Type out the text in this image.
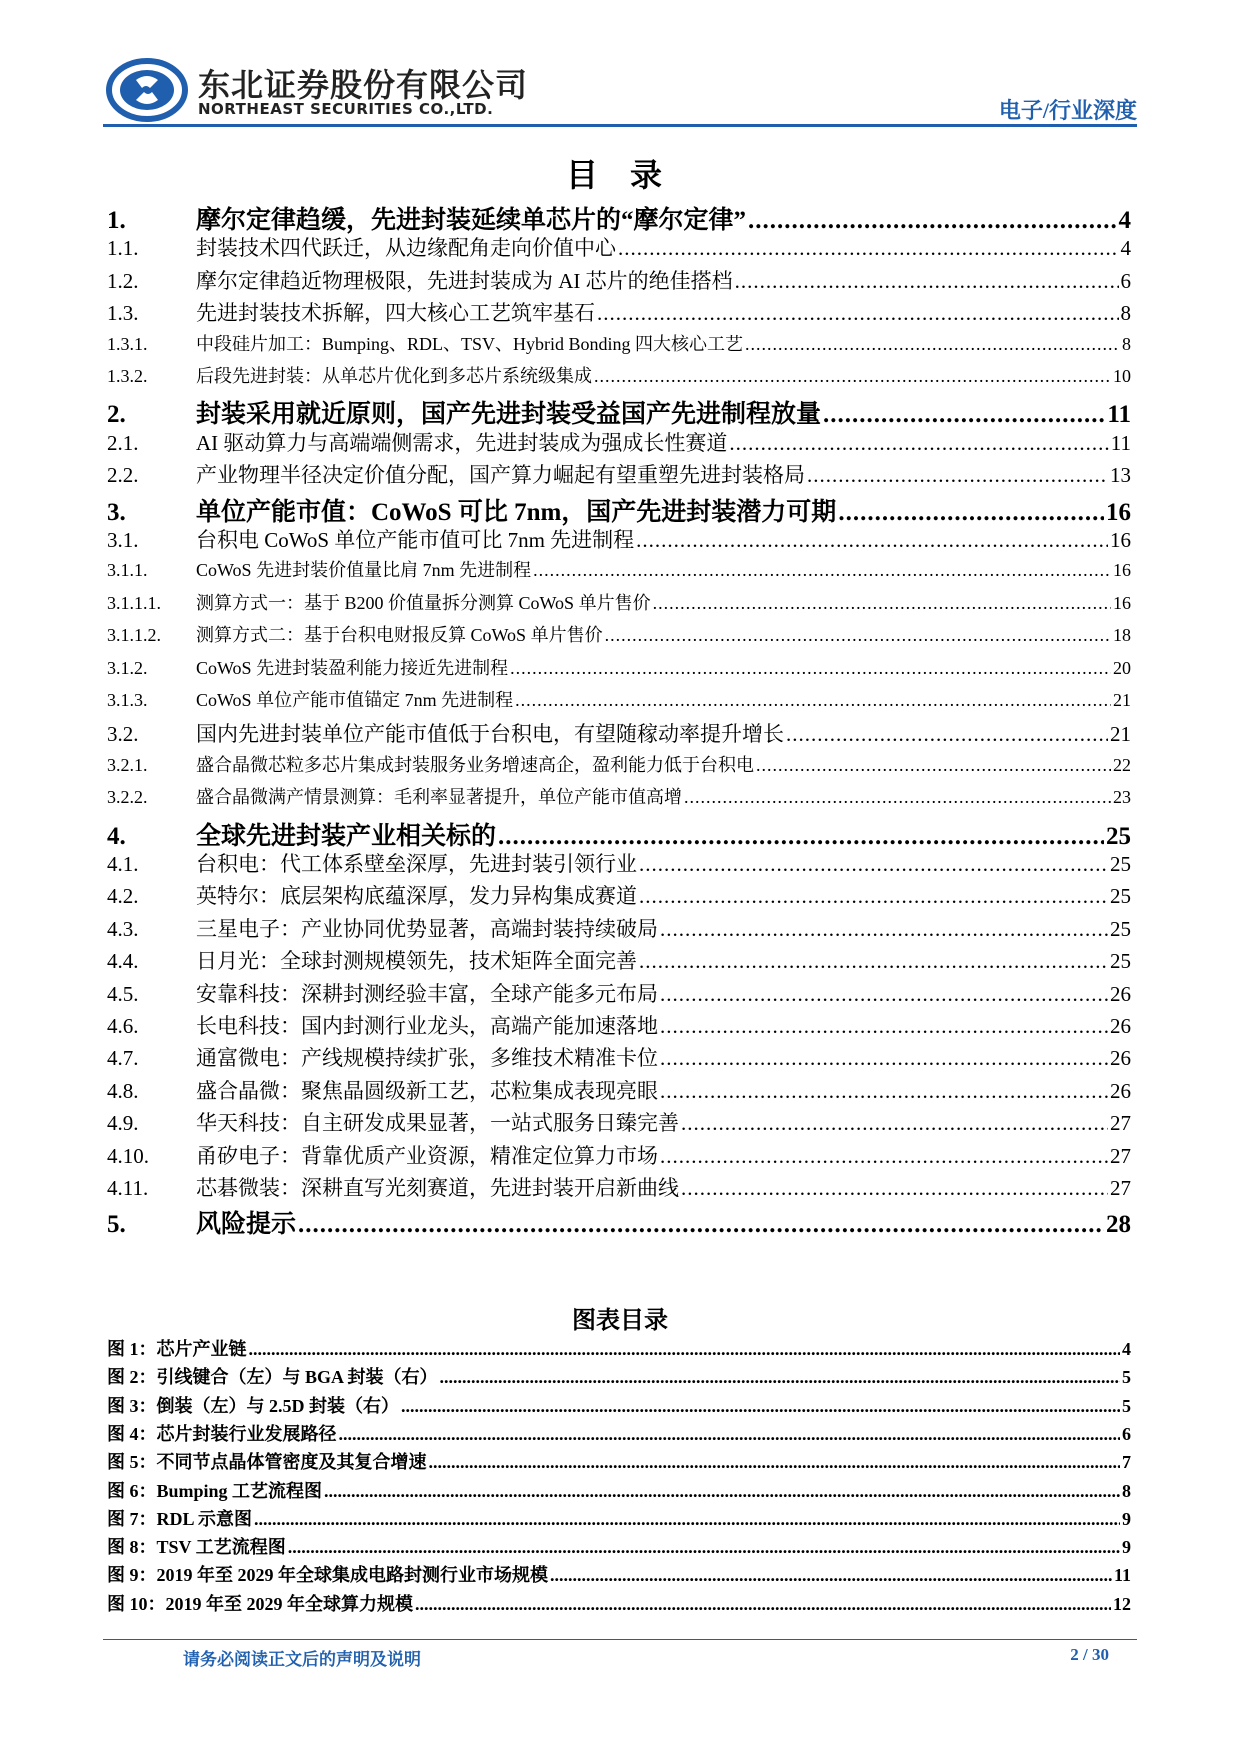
东北证券股份有限公司
NORTHEAST SECURITIES CO.,LTD.	电子/行业深度
目 录
1.	摩尔定律趋缓，先进封装延续单芯片的“摩尔定律” .....	4
1.1.	封装技术四代跃迁，从边缘配角走向价值中心 .....	4
1.2.	摩尔定律趋近物理极限，先进封装成为 AI 芯片的绝佳搭档 .....	6
1.3.	先进封装技术拆解，四大核心工艺筑牢基石 .....	8
1.3.1.	中段硅片加工：Bumping、RDL、TSV、Hybrid Bonding 四大核心工艺 .....	8
1.3.2.	后段先进封装：从单芯片优化到多芯片系统级集成 .....	10
2.	封装采用就近原则，国产先进封装受益国产先进制程放量 .....	11
2.1.	AI 驱动算力与高端端侧需求，先进封装成为强成长性赛道 .....	11
2.2.	产业物理半径决定价值分配，国产算力崛起有望重塑先进封装格局 .....	13
3.	单位产能市值：CoWoS 可比 7nm，国产先进封装潜力可期 .....	16
3.1.	台积电 CoWoS 单位产能市值可比 7nm 先进制程 .....	16
3.1.1.	CoWoS 先进封装价值量比肩 7nm 先进制程 .....	16
3.1.1.1.	测算方式一：基于 B200 价值量拆分测算 CoWoS 单片售价 .....	16
3.1.1.2.	测算方式二：基于台积电财报反算 CoWoS 单片售价 .....	18
3.1.2.	CoWoS 先进封装盈利能力接近先进制程 .....	20
3.1.3.	CoWoS 单位产能市值锚定 7nm 先进制程 .....	21
3.2.	国内先进封装单位产能市值低于台积电，有望随稼动率提升增长 .....	21
3.2.1.	盛合晶微芯粒多芯片集成封装服务业务增速高企，盈利能力低于台积电 .....	22
3.2.2.	盛合晶微满产情景测算：毛利率显著提升，单位产能市值高增 .....	23
4.	全球先进封装产业相关标的 .....	25
4.1.	台积电：代工体系壁垒深厚，先进封装引领行业 .....	25
4.2.	英特尔：底层架构底蕴深厚，发力异构集成赛道 .....	25
4.3.	三星电子：产业协同优势显著，高端封装持续破局 .....	25
4.4.	日月光：全球封测规模领先，技术矩阵全面完善 .....	25
4.5.	安靠科技：深耕封测经验丰富，全球产能多元布局 .....	26
4.6.	长电科技：国内封测行业龙头，高端产能加速落地 .....	26
4.7.	通富微电：产线规模持续扩张，多维技术精准卡位 .....	26
4.8.	盛合晶微：聚焦晶圆级新工艺，芯粒集成表现亮眼 .....	26
4.9.	华天科技：自主研发成果显著，一站式服务日臻完善 .....	27
4.10.	甬矽电子：背靠优质产业资源，精准定位算力市场 .....	27
4.11.	芯碁微装：深耕直写光刻赛道，先进封装开启新曲线 .....	27
5.	风险提示 .....	28
图表目录
图 1：芯片产业链 .....	4
图 2：引线键合（左）与 BGA 封装（右） .....	5
图 3：倒装（左）与 2.5D 封装（右） .....	5
图 4：芯片封装行业发展路径 .....	6
图 5：不同节点晶体管密度及其复合增速 .....	7
图 6：Bumping 工艺流程图 .....	8
图 7：RDL 示意图 .....	9
图 8：TSV 工艺流程图 .....	9
图 9：2019 年至 2029 年全球集成电路封测行业市场规模 .....	11
图 10：2019 年至 2029 年全球算力规模 .....	12
请务必阅读正文后的声明及说明	2 / 30
